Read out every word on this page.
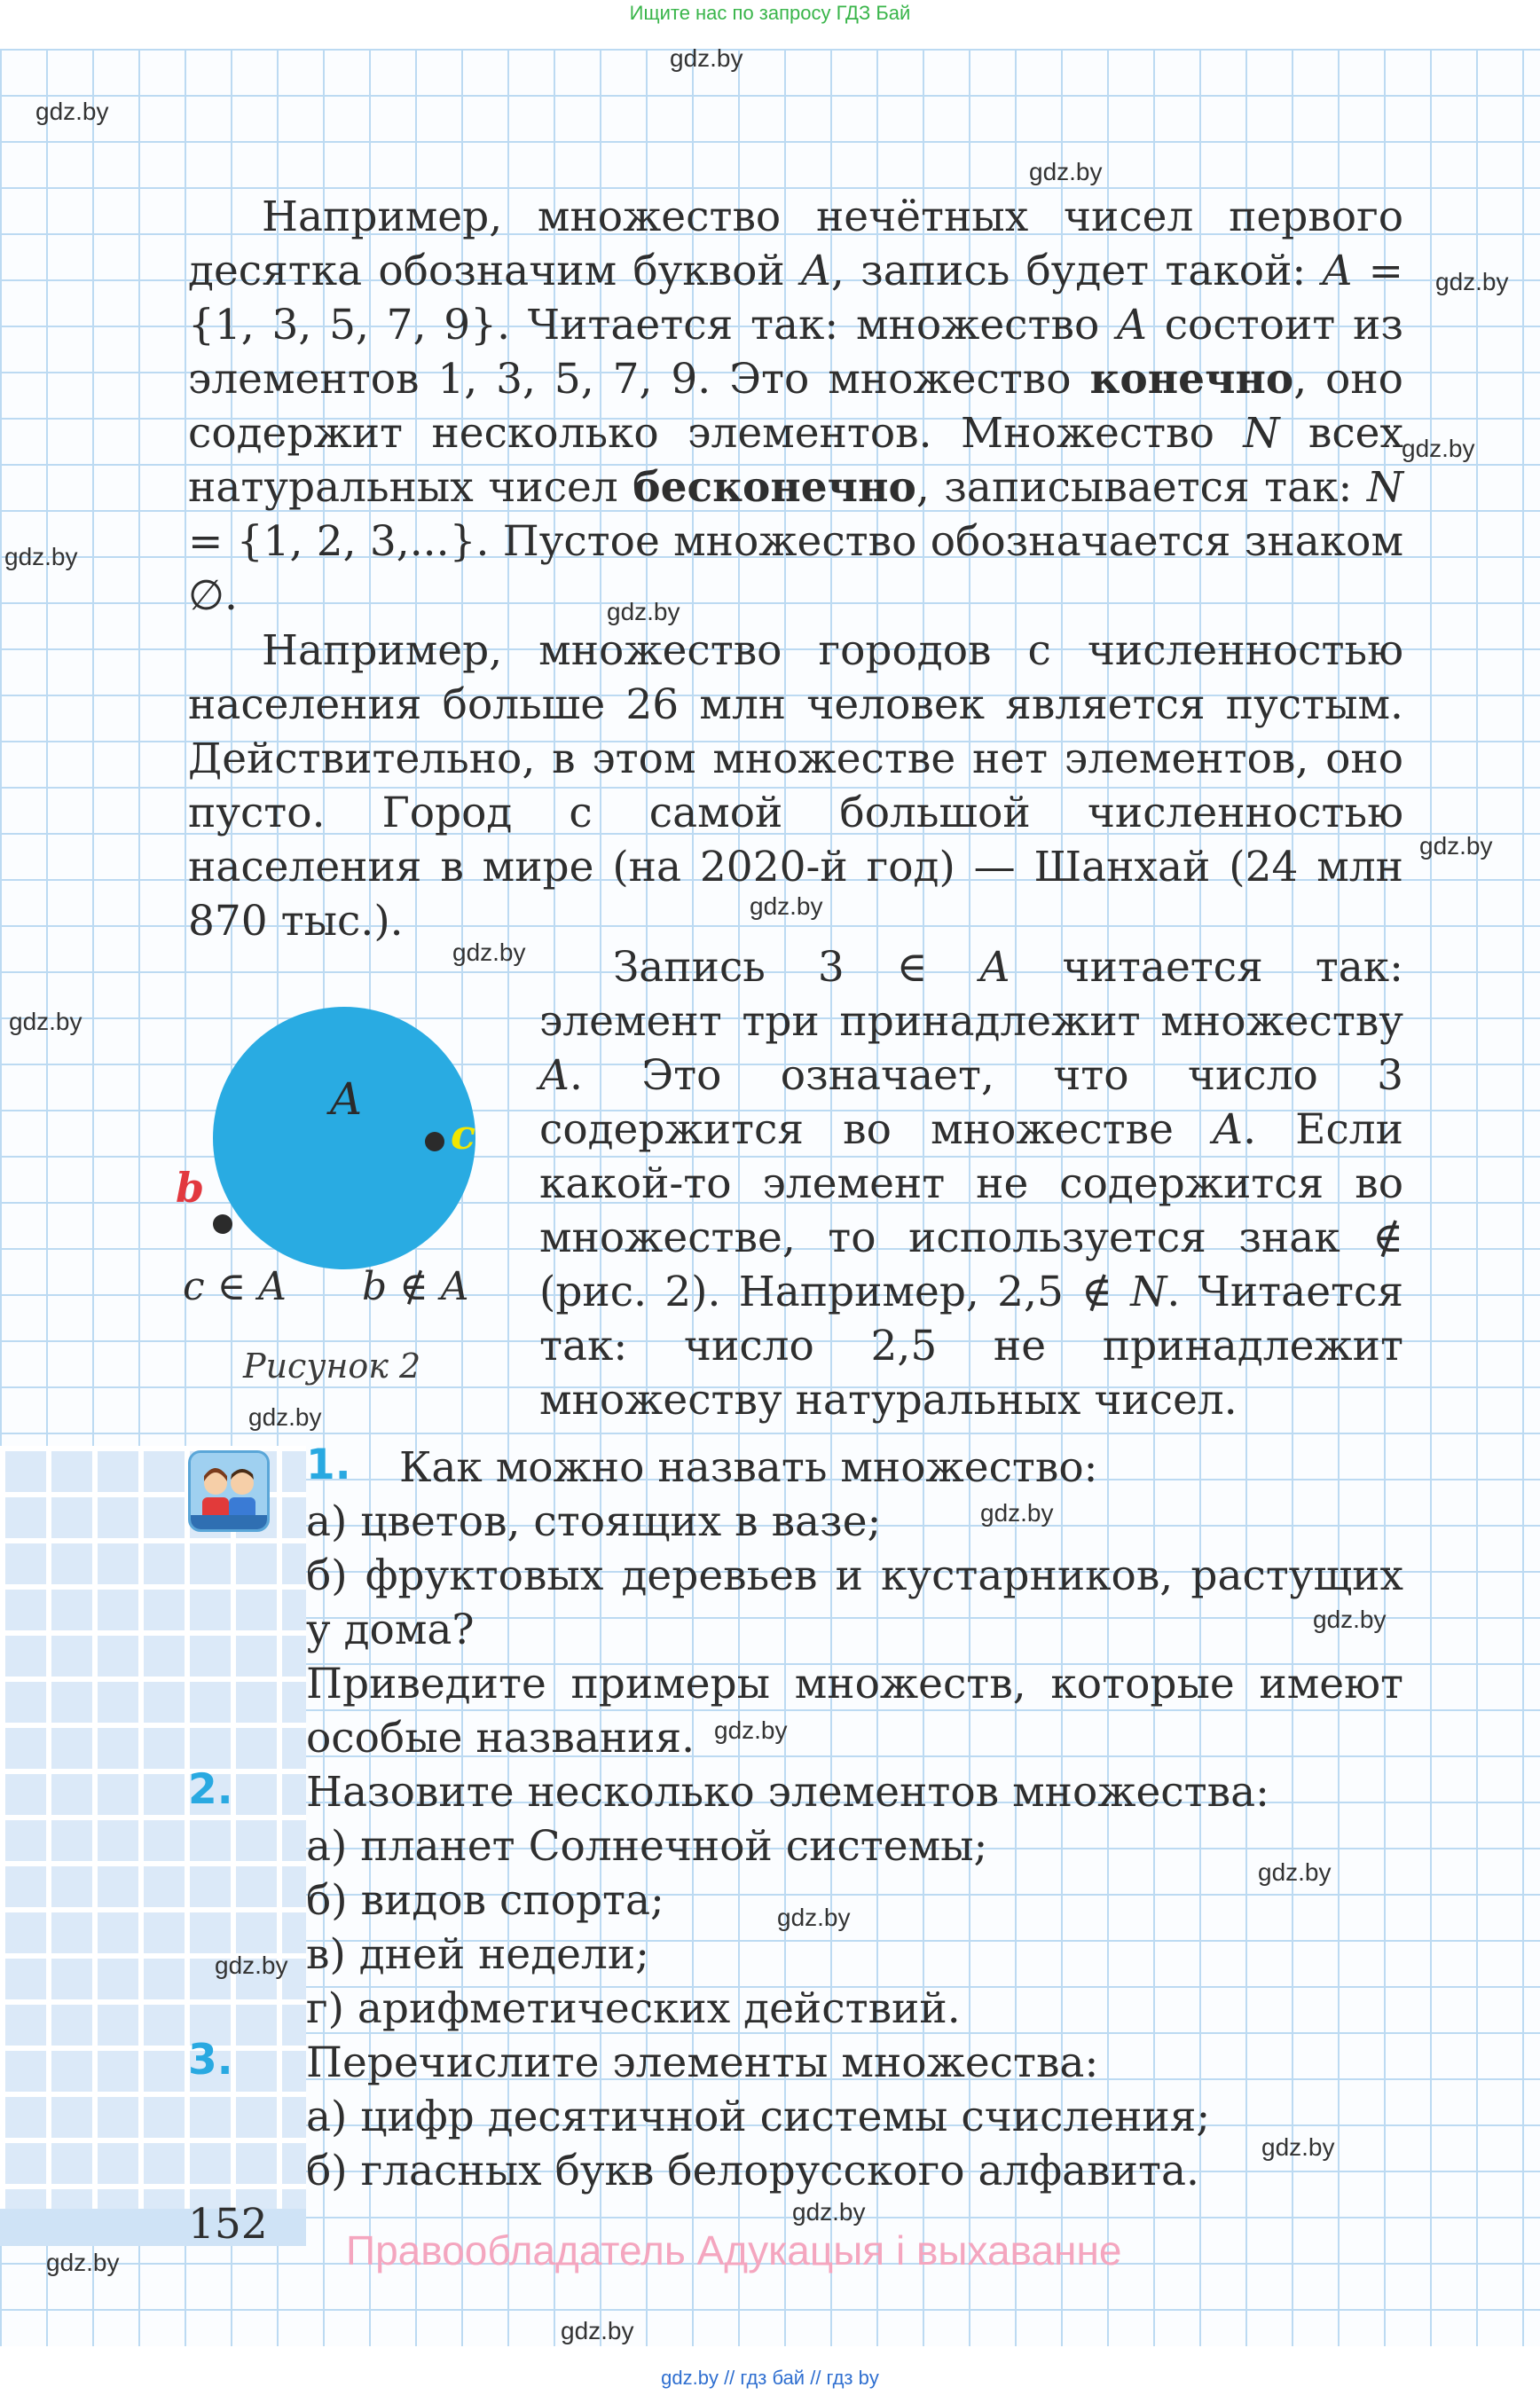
Ищите нас по запросу ГДЗ Бай
gdz.by
gdz.by
gdz.by
gdz.by
gdz.by
gdz.by
gdz.by
gdz.by
gdz.by
gdz.by
gdz.by
gdz.by
gdz.by
gdz.by
gdz.by
gdz.by
gdz.by
gdz.by
gdz.by
gdz.by
gdz.by
gdz.by

Например, множество нечётных чисел первого десятка обозначим буквой A, запись будет такой: A = {1, 3, 5, 7, 9}. Читается так: множество A состоит из элементов 1, 3, 5, 7, 9. Это множество конечно, оно содержит несколько элементов. Множество N всех натуральных чисел бесконечно, записывается так: N = {1, 2, 3,...}. Пустое множество обозначается знаком ∅.

Например, множество городов с численностью населения больше 26 млн человек является пустым. Действительно, в этом множестве нет элементов, оно пусто. Город с самой большой численностью населения в мире (на 2020-й год) — Шанхай (24 млн 870 тыс.).

A
c
b
c ∈ A b ∉ A
Рисунок 2

Запись 3 ∈ A читается так: элемент три принадлежит множеству A. Это означает, что число 3 содержится во множестве A. Если какой-то элемент не содержится во множестве, то используется знак ∉ (рис. 2). Например, 2,5 ∉ N. Читается так: число 2,5 не принадлежит множеству натуральных чисел.

1. Как можно назвать множество:

а) цветов, стоящих в вазе;

б) фруктовых деревьев и кустарников, растущих у дома?

Приведите примеры множеств, которые имеют особые названия.

2. Назовите несколько элементов множества:

а) планет Солнечной системы;

б) видов спорта;

в) дней недели;

г) арифметических действий.

3. Перечислите элементы множества:

а) цифр десятичной системы счисления;

б) гласных букв белорусского алфавита.

152
Правообладатель Адукацыя і выхаванне
gdz.by // гдз бай // гдз by
